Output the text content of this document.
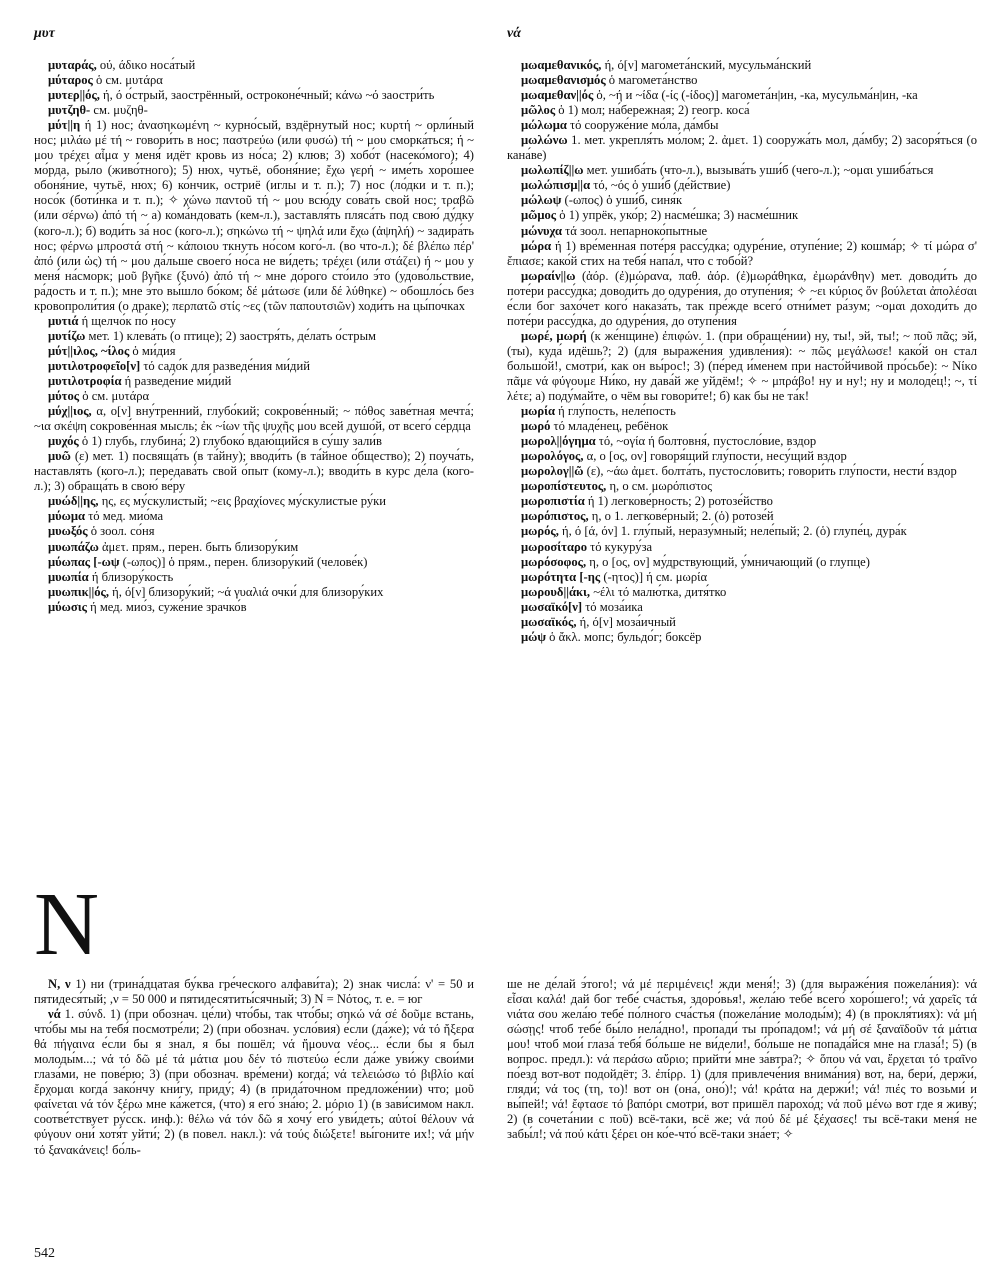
μυτ	νά
μυταράς, ού, άδικο носа́тый
μύταρος ὁ см. μυτάρα
μυτερ||ός, ή, ό о́стрый, заострённый, остроконе́чный; κάνω ~ό заостри́ть
μυτζηθ- см. μυζηθ-
μύτ||η ή 1) нос; ἀνασηκωμένη ~ курно́сый, вздёрнутый нос; κυρτή ~ орли́ный нос; μιλάω μέ τή ~ говори́ть в нос; παστρεύω (или φυσώ) τή ~ μου сморка́ться; ή ~ μου τρέχει αἷμα у меня́ идёт кровь из но́са; 2) клюв; 3) хобо́т (насеко́мого); 4) мо́рда, ры́ло (живо́тного); 5) нюх, чутьё, обоня́ние; ἔχω γερή ~ име́ть хоро́шее обоня́ние, чутьё, нюх; 6) ко́нчик, остриё (иглы и т. п.); 7) нос (ло́дки и т. п.); носо́к (боти́нка и т. п.); ✧ χώνω παντοῦ τή ~ μου всю́ду сова́ть свой нос; τραβῶ (или σέρνω) ἀπό τή ~ а) кома́ндовать (кем-л.), заставля́ть пляса́ть под свою́ ду́дку (кого-л.); б) води́ть за́ нос (кого-л.); σηκώνω τή ~ ψηλά или ἔχω (ἀψηλή) ~ задира́ть нос; φέρνω μπροστά στή ~ κάποιου ткнуть но́сом кого́-л. (во что-л.); δέ βλέπω πέρ' ἀπό (или ὡς) τή ~ μου да́льше своего́ но́са не ви́деть; τρέχει (или στάζει) ή ~ μου у меня́ на́сморк; μοῦ βγῆκε (ξυνό) ἀπό τή ~ мне до́рого сто́ило э́то (удово́льствие, ра́дость и т. п.); мне э́то вы́шло бо́ком; δέ μάτωσε (или δέ λύθηκε) ~ обошло́сь без кровопроли́тия (о драке); περπατῶ στίς ~ες (τῶν παπουτσιῶν) ходи́ть на цы́почках
μυτιά ή щелчо́к по́ носу
μυτίζω мет. 1) клева́ть (о птице); 2) заостря́ть, де́лать о́стрым
μύτ||ιλος, ~ίλος ὁ ми́дия
μυτιλοτροφεῖο[ν] τό садо́к для разведе́ния ми́дий
μυτιλοτροφία ή разведе́ние ми́дий
μύτος ὁ см. μυτάρα
μύχ||ιος, α, ο[ν] вну́тренний, глубо́кий; сокрове́нный; ~ πόθος заве́тная мечта́; ~ια σκέψη сокрове́нная мысль; ἐκ ~ίων τῆς ψυχῆς μου всей душо́й, от всего́ се́рдца
μυχός ὁ 1) глубь, глубина́; 2) глубоко́ вдаю́щийся в су́шу зали́в
μυῶ (ε) мет. 1) посвяща́ть (в та́йну); вводи́ть (в та́йное о́бщество); 2) поуча́ть, наставля́ть (кого-л.); передава́ть свой о́пыт (кому-л.); вводи́ть в курс де́ла (кого-л.); 3) обраща́ть в свою́ ве́ру
μυώδ||ης, ης, ες му́скулистый; ~εις βραχίονες му́скулистые ру́ки
μύωμα τό мед. мио́ма
μυωξός ὁ зоол. со́ня
μυωπάζω ἀμετ. прям., перен. быть близору́ким
μύωπας [-ωψ (-ωπος)] ὁ прям., перен. близору́кий (челове́к)
μυωπία ή близору́кость
μυωπικ||ός, ή, ό[ν] близору́кий; ~ά γυαλιά очки́ для близору́ких
μύωσις ή мед. мио́з, суже́ние зрачко́в
μωαμεθανικός, ή, ό[ν] магомета́нский, мусульма́нский
μωαμεθανισμός ὁ магомета́нство
μωαμεθαν||ός ὁ, ~ή и ~ίδα (-ίς (-ίδος)] магомета́н|ин, -ка, мусульма́н|ин, -ка
μῶλος ὁ 1) мол; на́бережная; 2) геогр. коса́
μώλωμα τό сооруже́ние мо́ла, да́мбы
μωλώνω 1. мет. укрепля́ть мо́лом; 2. ἀμετ. 1) сооружа́ть мол, да́мбу; 2) засоря́ться (о кана́ве)
μωλωπίζ||ω мет. ушиба́ть (что-л.), вызыва́ть уши́б (чего-л.); ~ομαι ушиба́ться
μωλώπισμ||α τό, ~ός ὁ уши́б (де́йствие)
μώλωψ (-ωπος) ὁ уши́б, синя́к
μῶμος ὁ 1) упрёк, уко́р; 2) насме́шка; 3) насме́шник
μώνυχα τά зоол. непарноко́пытные
μώρα ή 1) вре́менная поте́ря рассу́дка; одуре́ние, отупе́ние; 2) кошма́р; ✧ τί μώρα σ' ἔπιασε; како́й стих на тебя́ напа́л, что с тобо́й?
μωραίν||ω (ἀόρ. (ἐ)μώρανα, παθ. ἀόρ. (ἐ)μωράθηκα, ἐμωράνθην) мет. доводи́ть до поте́ри рассу́дка; доводи́ть до одуре́ния, до отупе́ния; ✧ ~ει κύριος ὅν βούλεται ἀπολέσαι е́сли бог захо́чет кого́ наказа́ть, так пре́жде всего́ отни́мет ра́зум; ~ομαι доходи́ть до поте́ри рассу́дка, до одуре́ния, до отупе́ния
μωρέ, μωρή (к же́нщине) ἐπιφών. 1. (при обраще́нии) ну, ты!, эй, ты!; ~ ποῦ πᾶς; эй, (ты), куда́ идёшь?; 2) (для выраже́ния удивле́ния): ~ πῶς μεγάλωσε! како́й он стал большо́й!, смотри́, как он вы́рос!; 3) (пе́ред и́менем при насто́йчивой про́сьбе): ~ Νίκο πᾶμε νά φύγουμε Ни́ко, ну дава́й же уйдём!; ✧ ~ μπράβο! ну и ну!; ну и молоде́ц!; ~, τί λέτε; а) поду́майте, о чём вы говори́те!; б) как бы не та́к!
μωρία ή глу́пость, неле́пость
μωρό τό младе́нец, ребёнок
μωρολ||όγημα τό, ~ογία ή болтовня́, пустосло́вие, вздор
μωρολόγος, α, ο [ος, ον] говоря́щий глу́пости, несу́щий вздор
μωρολογ||ῶ (ε), ~άω ἀμετ. болта́ть, пустосло́вить; говори́ть глу́пости, нести́ вздор
μωροπίστευτος, η, ο см. μωρόπιστος
μωροπιστία ή 1) легкове́рность; 2) ротозе́йство
μωρόπιστος, η, ο 1. легкове́рный; 2. (ὁ) ротозе́й
μωρός, ή, ό [ά, όν] 1. глу́пый, неразу́мный; неле́пый; 2. (ὁ) глупе́ц, дура́к
μωροσίταρο τό кукуру́за
μωρόσοφος, η, ο [ος, ον] му́дрствующий, у́мничающий (о глупце)
μωρότητα [-ης (-ητος)] ή см. μωρία
μωρουδ||άκι, ~έλι τό малю́тка, дитя́тко
μωσαϊκό[ν] τό моза́ика
μωσαϊκός, ή, ό[ν] моза́ичный
μώψ ὁ ἄκλ. мопс; бульдо́г; боксёр
N
N, ν 1) ни (трина́дцатая бу́ква гре́ческого алфави́та); 2) знак числа́: ν' = 50 и пятидеся́тый; ,ν = 50 000 и пятидесятиты́сячный; 3) N = Νότος, т. е. = юг
νά 1. σύνδ. 1) (при обознач. це́ли) что́бы, так что́бы; σηκώ νά σέ δοῦμε встань, что́бы мы на тебя́ посмотре́ли; 2) (при обознач. усло́вия) е́сли (да́же); νά τό ἤξερα θά πήγαινα е́сли бы я знал, я бы пошёл; νά ἤμουνα νέος... е́сли бы я был молоды́м...; νά τό δῶ μέ τά μάτια μου δέν τό πιστεύω е́сли да́же уви́жу свои́ми глаза́ми, не пове́рю; 3) (при обознач. вре́мени) когда́; νά τελειώσω τό βιβλίο καί ἔρχομαι когда́ зако́нчу кни́гу, приду́; 4) (в прида́точном предложе́нии) что; μοῦ φαίνεται νά τόν ξέρω мне ка́жется, (что) я его́ зна́ю; 2. μόριο 1) (в зави́симом накл. соотве́тствует ру́сск. инф.): θέλω νά τόν δῶ я хочу́ его́ уви́деть; αὐτοί θέλουν νά φύγουν они́ хотя́т уйти́; 2) (в повел. накл.): νά τούς διώξετε! вы́гоните их!; νά μήν τό ξανακάνεις! бо́ль-
ше не де́лай э́того!; νά μέ περιμένεις! жди меня́!; 3) (для выраже́ния пожела́ния): νά εἶσαι καλά! дай бог тебе́ сча́стья, здоро́вья!, жела́ю тебе́ всего́ хоро́шего!; νά χαρεῖς τά νιάτα σου жела́ю тебе́ по́лного сча́стья (пожела́ние молоды́м); 4) (в прокля́тиях): νά μή σώσῃς! чтоб тебе́ бы́ло нела́дно!, пропади́ ты про́падом!; νά μή σέ ξαναϊδοῦν τά μάτια μου! чтоб мои́ глаза́ тебя́ бо́льше не ви́дели!, бо́льше не попада́йся мне на глаза́!; 5) (в вопрос. предл.): νά περάσω αὔριο; прийти́ мне за́втра?; ✧ ὅπου νά ναι, ἔρχεται τό τραῖνο по́езд вот-вот подойдёт; 3. ἐπίρρ. 1) (для привлече́ния внима́ния) вот, на, бери́, держи́, гляди́; νά τος (τη, το)! вот он (она́, оно́)!; νά! κράτα на держи́!; νά! πιές то возьми́ и вы́пей!; νά! ἔφτασε τό βαπόρι смотри́, вот пришёл парохо́д; νά ποῦ μένω вот где я живу́; 2) (в сочета́нии с ποῦ) всё-таки, всё же; νά πού δέ μέ ξέχασες! ты всё-таки меня́ не забы́л!; νά πού κάτι ξέρει он ко́е-что́ всё-таки зна́ет; ✧
542
